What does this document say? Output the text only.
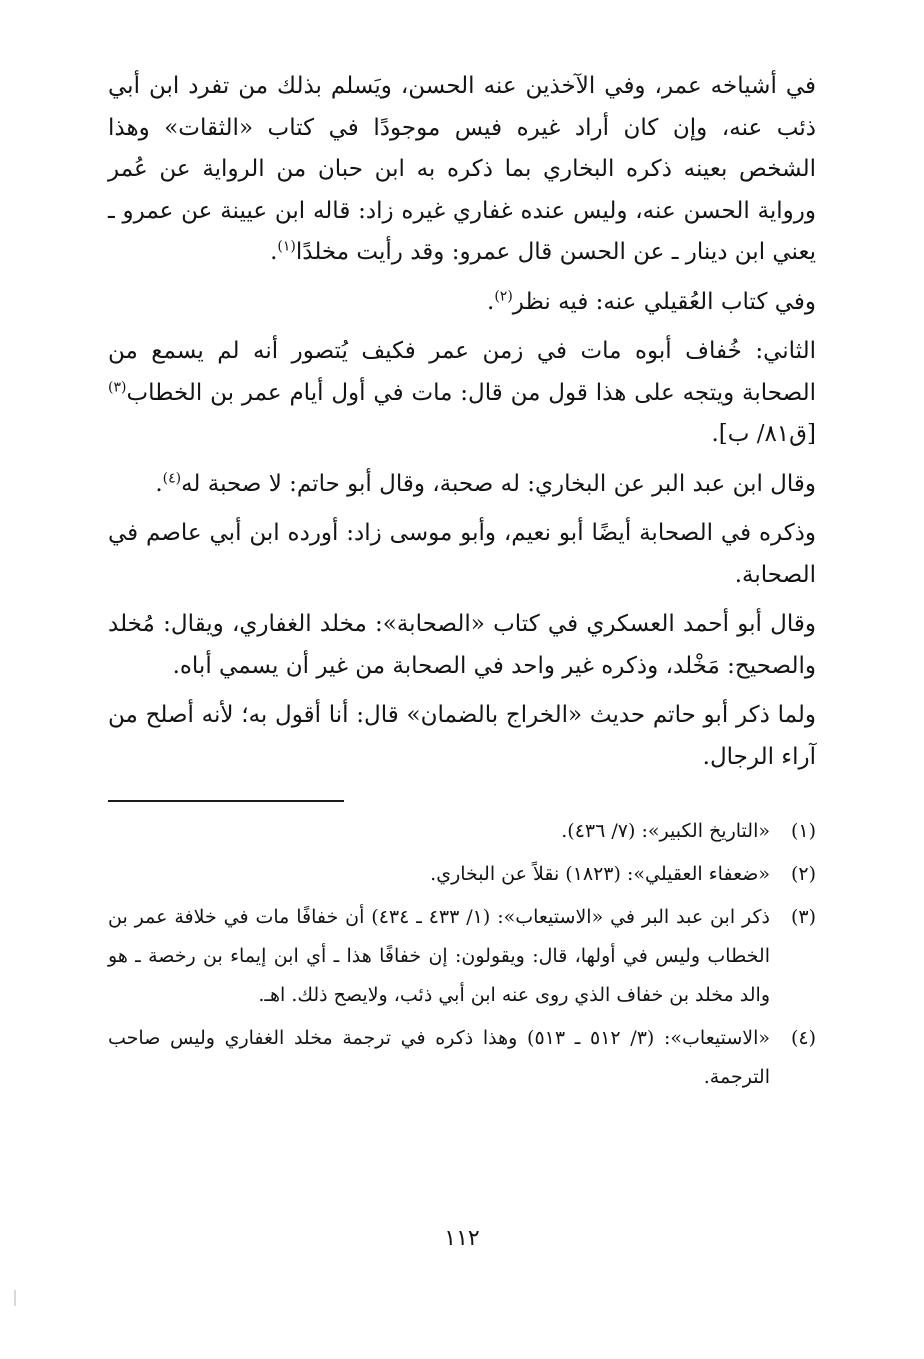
في أشياخه عمر، وفي الآخذين عنه الحسن، ويَسلم بذلك من تفرد ابن أبي ذئب عنه، وإن كان أراد غيره فيس موجودًا في كتاب «الثقات» وهذا الشخص بعينه ذكره البخاري بما ذكره به ابن حبان من الرواية عن عُمر ورواية الحسن عنه، وليس عنده غفاري غيره زاد: قاله ابن عيينة عن عمرو ـ يعني ابن دينار ـ عن الحسن قال عمرو: وقد رأيت مخلدًا$^{(١)}$.

وفي كتاب العُقيلي عنه: فيه نظر$^{(٢)}$.

الثاني: خُفاف أبوه مات في زمن عمر فكيف يُتصور أنه لم يسمع من الصحابة ويتجه على هذا قول من قال: مات في أول أيام عمر بن الخطاب$^{(٣)}$ [ق٨١/ ب].

وقال ابن عبد البر عن البخاري: له صحبة، وقال أبو حاتم: لا صحبة له$^{(٤)}$.

وذكره في الصحابة أيضًا أبو نعيم، وأبو موسى زاد: أورده ابن أبي عاصم في الصحابة.

وقال أبو أحمد العسكري في كتاب «الصحابة»: مخلد الغفاري، ويقال: مُخلد والصحيح: مَخْلد، وذكره غير واحد في الصحابة من غير أن يسمي أباه.

ولما ذكر أبو حاتم حديث «الخراج بالضمان» قال: أنا أقول به؛ لأنه أصلح من آراء الرجال.

(١)
«التاريخ الكبير»: (٧/ ٤٣٦).
(٢)
«ضعفاء العقيلي»: (١٨٢٣) نقلاً عن البخاري.
(٣)
ذكر ابن عبد البر في «الاستيعاب»: (١/ ٤٣٣ ـ ٤٣٤) أن خفافًا مات في خلافة عمر بن الخطاب وليس في أولها، قال: ويقولون: إن خفافًا هذا ـ أي ابن إيماء بن رخصة ـ هو والد مخلد بن خفاف الذي روى عنه ابن أبي ذئب، ولايصح ذلك. اهـ.
(٤)
«الاستيعاب»: (٣/ ٥١٢ ـ ٥١٣) وهذا ذكره في ترجمة مخلد الغفاري وليس صاحب الترجمة.
١١٢
